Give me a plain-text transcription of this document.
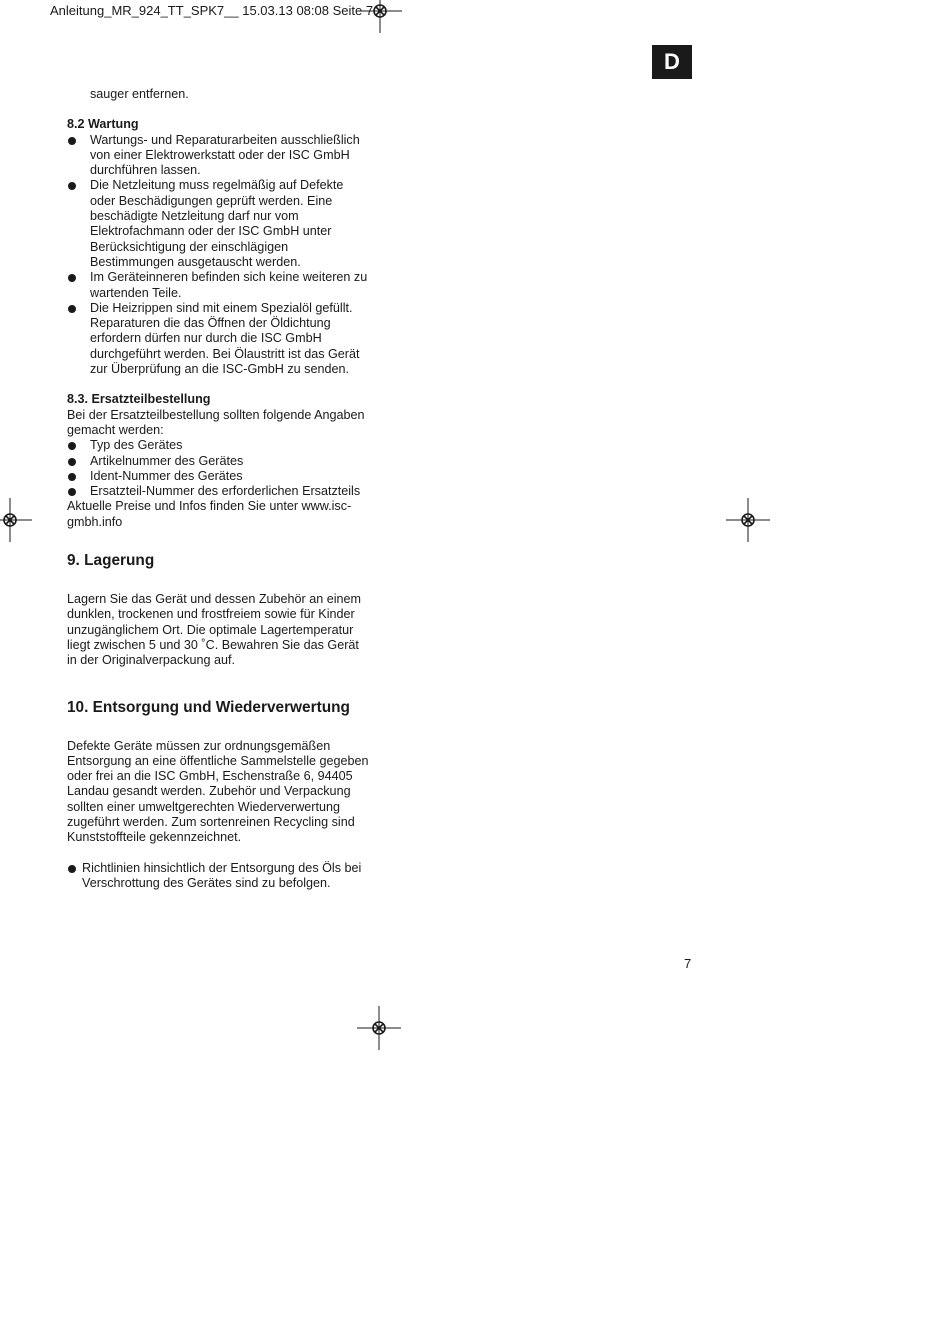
Anleitung_MR_924_TT_SPK7__ 15.03.13 08:08 Seite 7
D

sauger entfernen.

8.2 Wartung

Wartungs- und Reparaturarbeiten ausschließlich von einer Elektrowerkstatt oder der ISC GmbH durchführen lassen.
Die Netzleitung muss regelmäßig auf Defekte oder Beschädigungen geprüft werden. Eine beschädigte Netzleitung darf nur vom Elektrofachmann oder der ISC GmbH unter Berücksichtigung der einschlägigen Bestimmungen ausgetauscht werden.
Im Geräteinneren befinden sich keine weiteren zu wartenden Teile.
Die Heizrippen sind mit einem Spezialöl gefüllt. Reparaturen die das Öffnen der Öldichtung erfordern dürfen nur durch die ISC GmbH durchgeführt werden. Bei Ölaustritt ist das Gerät zur Überprüfung an die ISC-GmbH zu senden.

8.3. Ersatzteilbestellung

Bei der Ersatzteilbestellung sollten folgende Angaben gemacht werden:

Typ des Gerätes
Artikelnummer des Gerätes
Ident-Nummer des Gerätes
Ersatzteil-Nummer des erforderlichen Ersatzteils

Aktuelle Preise und Infos finden Sie unter www.isc-gmbh.info

9. Lagerung

Lagern Sie das Gerät und dessen Zubehör an einem dunklen, trockenen und frostfreiem sowie für Kinder unzugänglichem Ort. Die optimale Lagertemperatur liegt zwischen 5 und 30 ˚C. Bewahren Sie das Gerät in der Originalverpackung auf.

10. Entsorgung und Wiederverwertung

Defekte Geräte müssen zur ordnungsgemäßen Entsorgung an eine öffentliche Sammelstelle gegeben oder frei an die ISC GmbH, Eschenstraße 6, 94405 Landau gesandt werden. Zubehör und Verpackung sollten einer umweltgerechten Wiederverwertung zugeführt werden. Zum sortenreinen Recycling sind Kunststoffteile gekennzeichnet.

Richtlinien hinsichtlich der Entsorgung des Öls bei Verschrottung des Gerätes sind zu befolgen.
7
